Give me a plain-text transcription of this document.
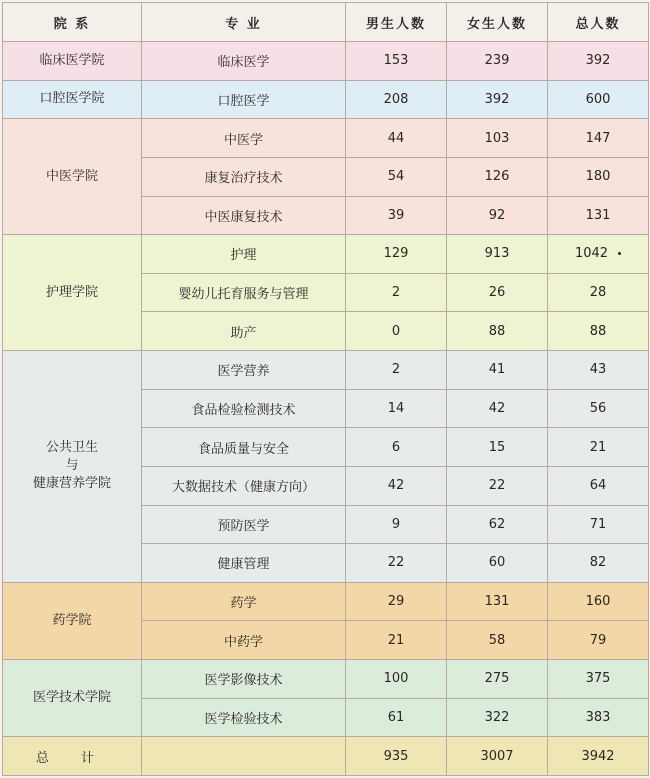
院 系	专 业	男生人数	女生人数	总人数
临床医学院	临床医学	153	239	392
口腔医学院	口腔医学	208	392	600
中医学院	中医学	44	103	147
	康复治疗技术	54	126	180
	中医康复技术	39	92	131
护理学院	护理	129	913	1042
	婴幼儿托育服务与管理	2	26	28
	助产	0	88	88

公共卫生
与
健康营养学院	医学营养	2	41	43
	食品检验检测技术	14	42	56
	食品质量与安全	6	15	21
	大数据技术（健康方向）	42	22	64
	预防医学	9	62	71
	健康管理	22	60	82
药学院	药学	29	131	160
	中药学	21	58	79
医学技术学院	医学影像技术	100	275	375
	医学检验技术	61	322	383
总 计		935	3007	3942
